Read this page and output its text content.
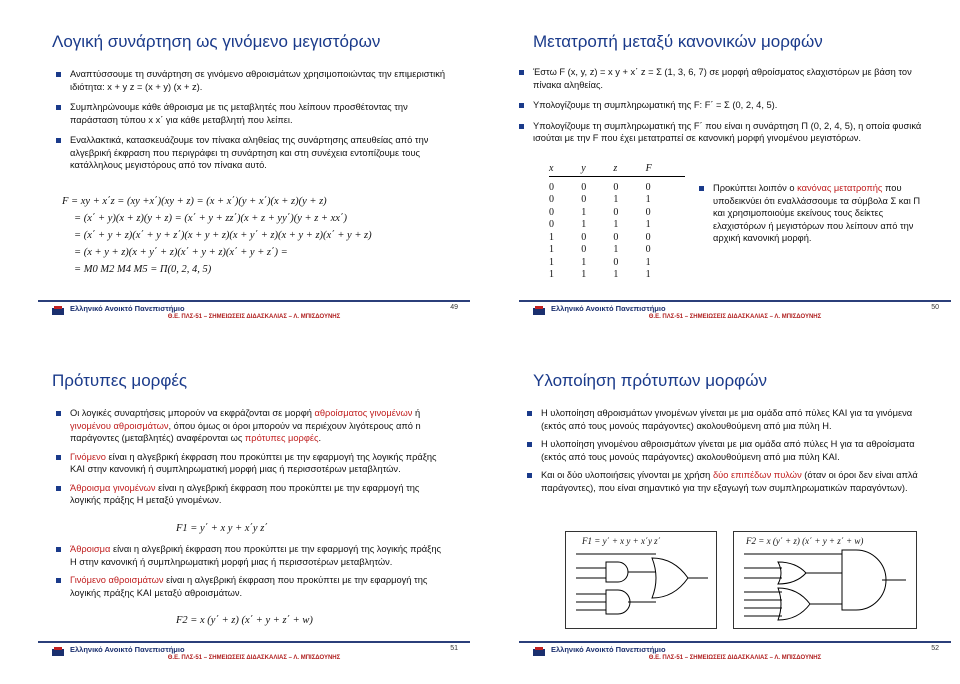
Λογική συνάρτηση ως γινόμενο μεγιστόρων
Αναπτύσσουμε τη συνάρτηση σε γινόμενο αθροισμάτων χρησιμοποιώντας την επιμεριστική ιδιότητα: x + y z = (x + y) (x + z).
Συμπληρώνουμε κάθε άθροισμα με τις μεταβλητές που λείπουν προσθέτοντας την παράσταση τύπου x x΄ για κάθε μεταβλητή που λείπει.
Εναλλακτικά, κατασκευάζουμε τον πίνακα αληθείας της συνάρτησης απευθείας από την αλγεβρική έκφραση που περιγράφει τη συνάρτηση και στη συνέχεια εντοπίζουμε τους κατάλληλους μεγιστόρους από τον πίνακα αυτό.
F = xy + x΄z = (xy +x΄)(xy + z) = (x + x΄)(y + x΄)(x + z)(y + z)
= (x΄ + y)(x + z)(y + z) = (x΄ + y + zz΄)(x + z + yy΄)(y + z + xx΄)
= (x΄ + y + z)(x΄ + y + z΄)(x + y + z)(x + y΄ + z)(x + y + z)(x΄ + y + z)
= (x + y + z)(x + y΄ + z)(x΄ + y + z)(x΄ + y + z΄) =
= M0 M2 M4 M5 = Π(0, 2, 4, 5)
Ελληνικό Ανοικτό Πανεπιστήμιο
Θ.Ε. ΠΛΣ-51 – ΣΗΜΕΙΩΣΕΙΣ ΔΙΔΑΣΚΑΛΙΑΣ – Λ. ΜΠΙΣΔΟΥΝΗΣ
49
Μετατροπή μεταξύ κανονικών μορφών
Έστω F (x, y, z) = x y + x΄ z = Σ (1, 3, 6, 7) σε μορφή αθροίσματος ελαχιστόρων με βάση τον πίνακα αληθείας.
Υπολογίζουμε τη συμπληρωματική της F: F΄ = Σ (0, 2, 4, 5).
Υπολογίζουμε τη συμπληρωματική της F΄ που είναι η συνάρτηση Π (0, 2, 4, 5), η οποία φυσικά ισούται με την F που έχει μετατραπεί σε κανονική μορφή γινομένου μεγιστόρων.
x	y	z	F
0	0	0	0
0	0	1	1
0	1	0	0
0	1	1	1
1	0	0	0
1	0	1	0
1	1	0	1
1	1	1	1
Προκύπτει λοιπόν ο κανόνας μετατροπής που υποδεικνύει ότι εναλλάσσουμε τα σύμβολα Σ και Π και χρησιμοποιούμε εκείνους τους δείκτες ελαχιστόρων ή μεγιστόρων που λείπουν από την αρχική κανονική μορφή.
Ελληνικό Ανοικτό Πανεπιστήμιο
Θ.Ε. ΠΛΣ-51 – ΣΗΜΕΙΩΣΕΙΣ ΔΙΔΑΣΚΑΛΙΑΣ – Λ. ΜΠΙΣΔΟΥΝΗΣ
50
Πρότυπες μορφές
Οι λογικές συναρτήσεις μπορούν να εκφράζονται σε μορφή αθροίσματος γινομένων ή γινομένου αθροισμάτων, όπου όμως οι όροι μπορούν να περιέχουν λιγότερους από n παράγοντες (μεταβλητές) αναφέρονται ως πρότυπες μορφές.
Γινόμενο είναι η αλγεβρική έκφραση που προκύπτει με την εφαρμογή της λογικής πράξης ΚΑΙ στην κανονική ή συμπληρωματική μορφή μιας ή περισσοτέρων μεταβλητών.
Άθροισμα γινομένων είναι η αλγεβρική έκφραση που προκύπτει με την εφαρμογή της λογικής πράξης Η μεταξύ γινομένων.
F1 = y΄ + x y + x΄y z΄
Άθροισμα είναι η αλγεβρική έκφραση που προκύπτει με την εφαρμογή της λογικής πράξης Η στην κανονική ή συμπληρωματική μορφή μιας ή περισσοτέρων μεταβλητών.
Γινόμενο αθροισμάτων είναι η αλγεβρική έκφραση που προκύπτει με την εφαρμογή της λογικής πράξης ΚΑΙ μεταξύ αθροισμάτων.
F2 = x (y΄ + z) (x΄ + y + z΄ + w)
Ελληνικό Ανοικτό Πανεπιστήμιο
Θ.Ε. ΠΛΣ-51 – ΣΗΜΕΙΩΣΕΙΣ ΔΙΔΑΣΚΑΛΙΑΣ – Λ. ΜΠΙΣΔΟΥΝΗΣ
51
Υλοποίηση πρότυπων μορφών
Η υλοποίηση αθροισμάτων γινομένων γίνεται με μια ομάδα από πύλες ΚΑΙ για τα γινόμενα (εκτός από τους μονούς παράγοντες) ακολουθούμενη από μια πύλη Η.
Η υλοποίηση γινομένου αθροισμάτων γίνεται με μια ομάδα από πύλες Η για τα αθροίσματα (εκτός από τους μονούς παράγοντες) ακολουθούμενη από μια πύλη ΚΑΙ.
Και οι δύο υλοποιήσεις γίνονται με χρήση δύο επιπέδων πυλών (όταν οι όροι δεν είναι απλά παράγοντες), που είναι σημαντικό για την εξαγωγή των συμπληρωματικών παραγόντων).
F1 = y΄ + x y + x΄y z΄	F2 = x (y΄ + z) (x΄ + y + z΄ + w)
Ελληνικό Ανοικτό Πανεπιστήμιο
Θ.Ε. ΠΛΣ-51 – ΣΗΜΕΙΩΣΕΙΣ ΔΙΔΑΣΚΑΛΙΑΣ – Λ. ΜΠΙΣΔΟΥΝΗΣ
52
